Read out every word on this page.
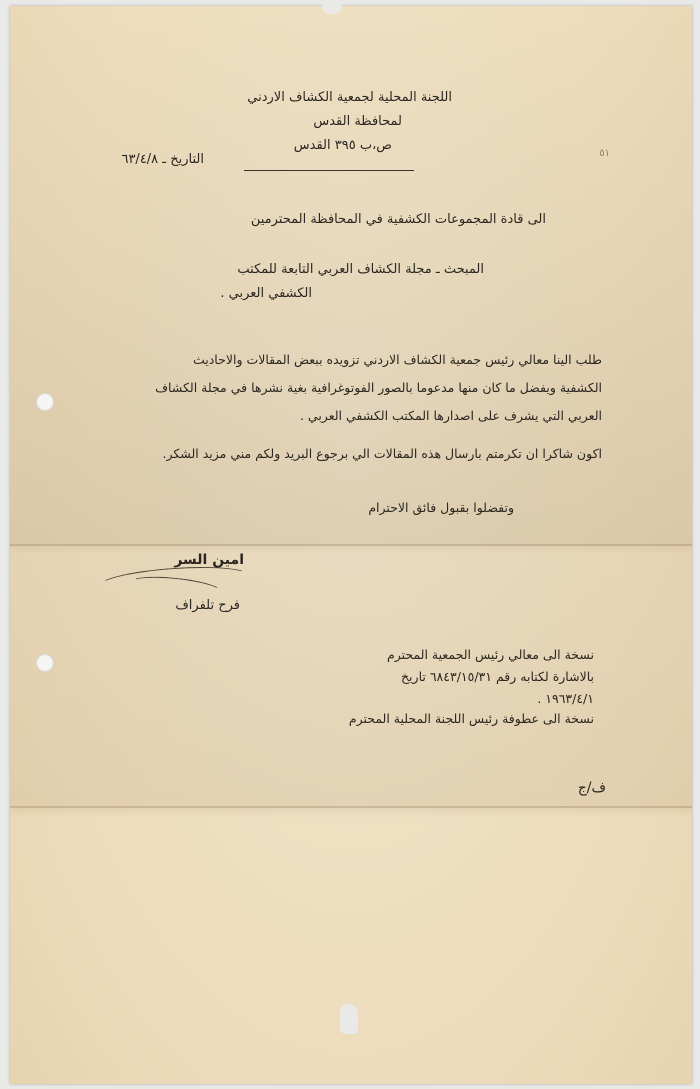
اللجنة المحلية لجمعية الكشاف الاردني
لمحافظة القدس
ص،ب ٣٩٥ القدس
التاريخ ـ ٦٣/٤/٨	٥١
الى قادة المجموعات الكشفية في المحافظة المحترمين
المبحث ـ مجلة الكشاف العربي التابعة للمكتب
الكشفي العربي .
طلب الينا معالي رئيس جمعية الكشاف الاردني تزويده ببعض المقالات والاحاديث
الكشفية ويفضل ما كان منها مدعوما بالصور الفوتوغرافية بغية نشرها في مجلة الكشاف
العربي التي يشرف على اصدارها المكتب الكشفي العربي .
اكون شاكرا ان تكرمتم بارسال هذه المقالات الي برجوع البريد ولكم مني مزيد الشكر.
وتفضلوا بقبول فائق الاحترام
امين السر
فرح تلفراف
نسخة الى معالي رئيس الجمعية المحترم
بالاشارة لكتابه رقم ٦٨٤٣/١٥/٣١ تاريخ
١٩٦٣/٤/١ .
نسخة الى عطوفة رئيس اللجنة المحلية المحترم
ف/ج
